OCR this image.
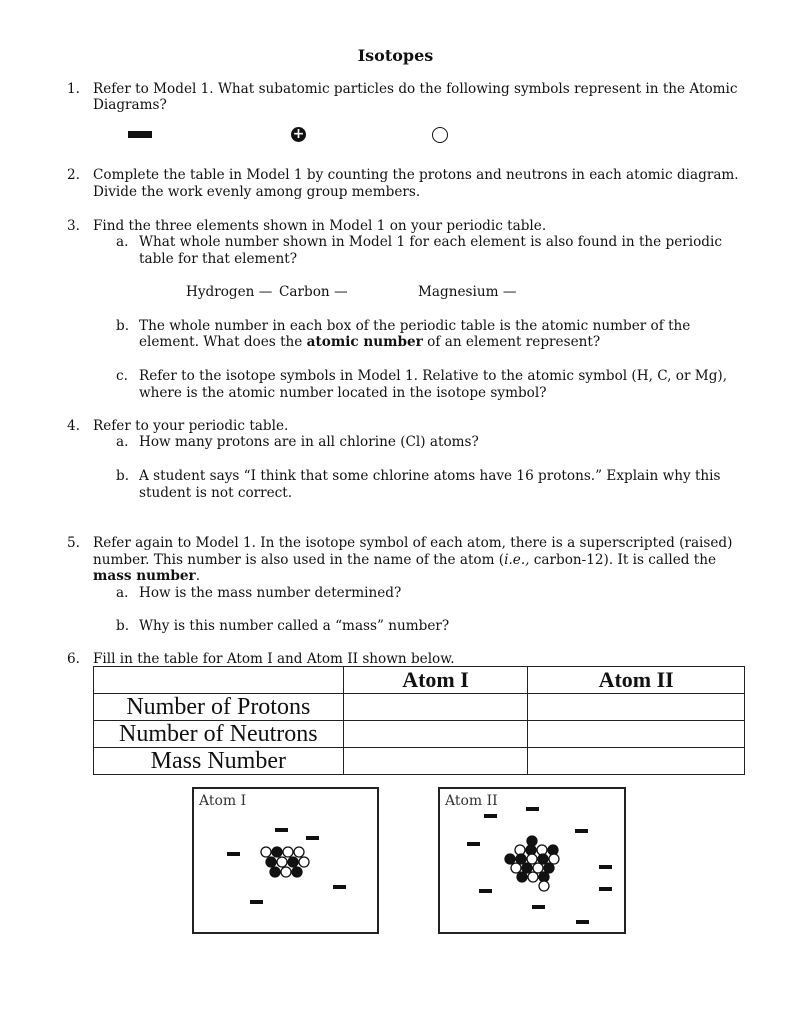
Isotopes
1. Refer to Model 1. What subatomic particles do the following symbols represent in the Atomic
Diagrams?
+
2. Complete the table in Model 1 by counting the protons and neutrons in each atomic diagram.
Divide the work evenly among group members.
3. Find the three elements shown in Model 1 on your periodic table.
a. What whole number shown in Model 1 for each element is also found in the periodic
table for that element?
Hydrogen — Carbon —	Magnesium —
b. The whole number in each box of the periodic table is the atomic number of the
element. What does the atomic number of an element represent?
c. Refer to the isotope symbols in Model 1. Relative to the atomic symbol (H, C, or Mg),
where is the atomic number located in the isotope symbol?
4. Refer to your periodic table.
a. How many protons are in all chlorine (Cl) atoms?
b. A student says “I think that some chlorine atoms have 16 protons.” Explain why this
student is not correct.
5. Refer again to Model 1. In the isotope symbol of each atom, there is a superscripted (raised)
number. This number is also used in the name of the atom (i.e., carbon-12). It is called the
mass number.
a. How is the mass number determined?
b. Why is this number called a “mass” number?
6. Fill in the table for Atom I and Atom II shown below.
	Atom I	Atom II
Number of Protons		
Number of Neutrons		
Mass Number		
Atom I	Atom II
